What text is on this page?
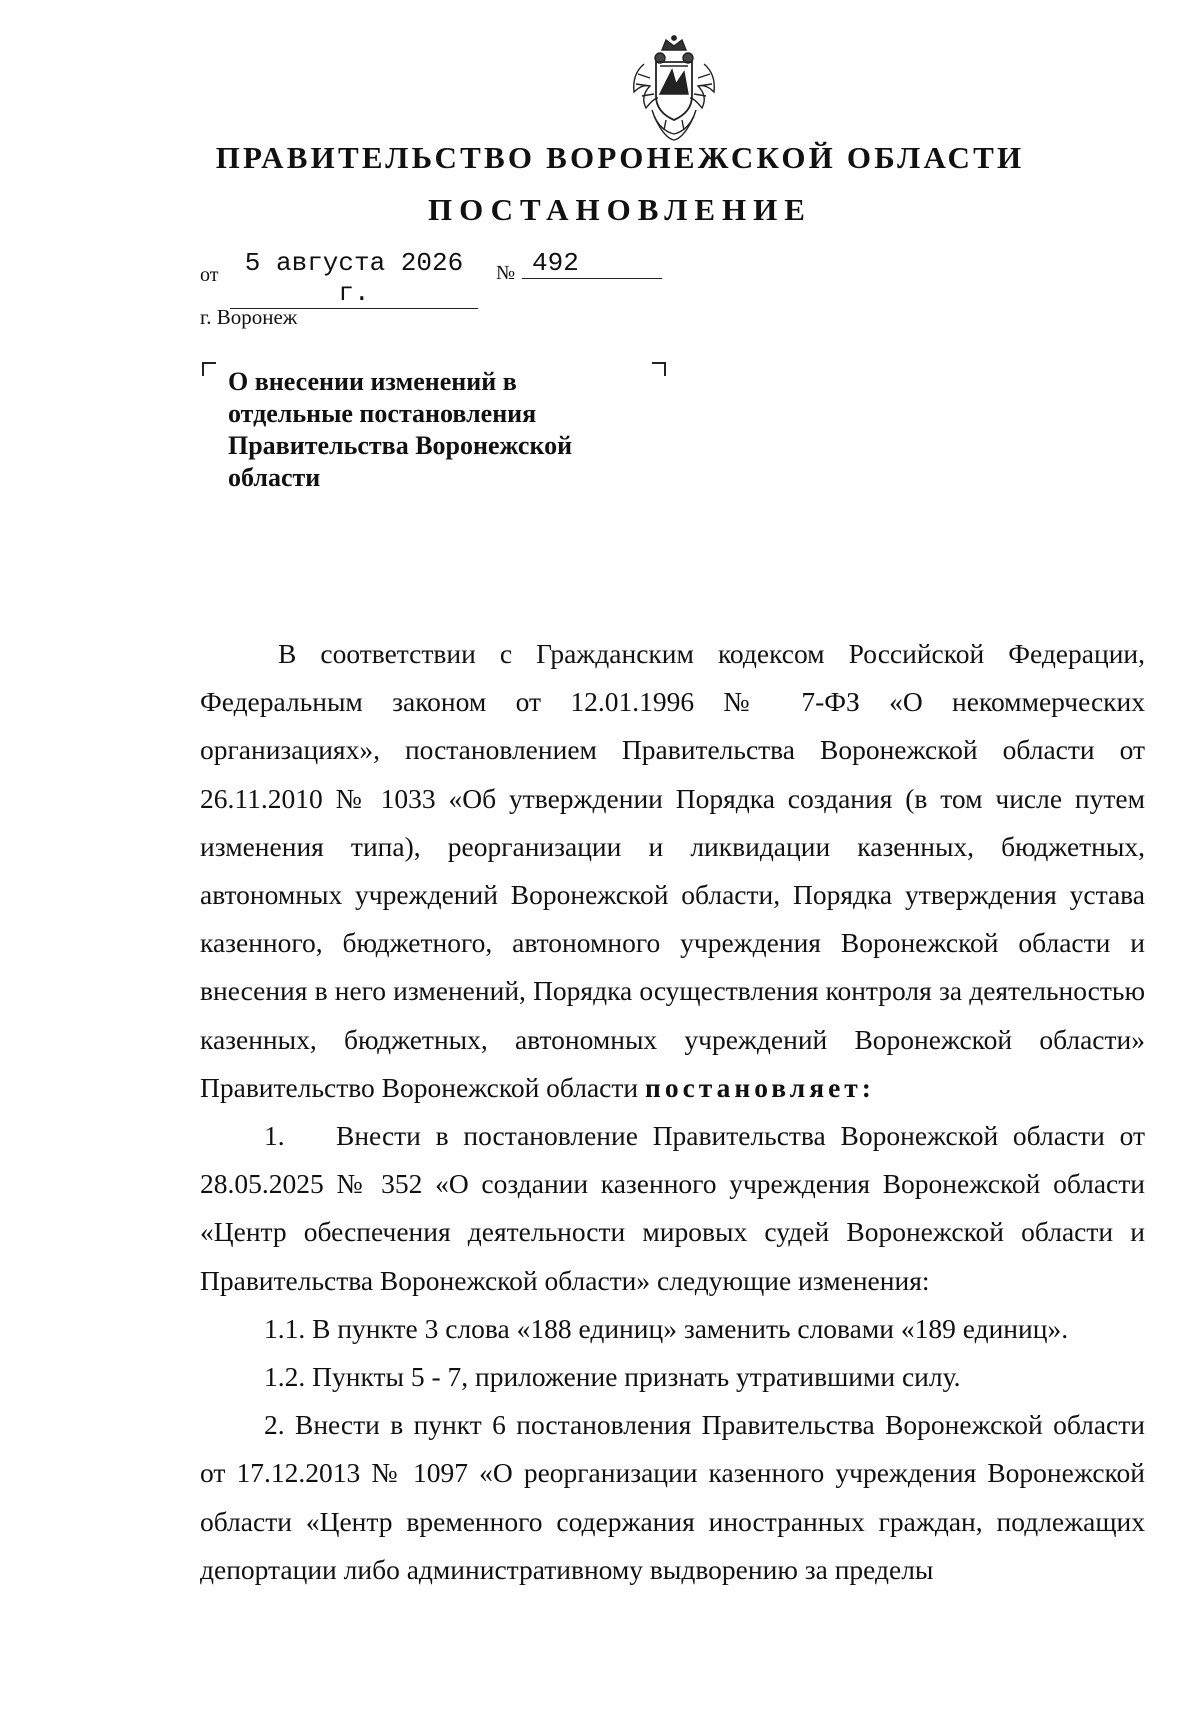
ПРАВИТЕЛЬСТВО ВОРОНЕЖСКОЙ ОБЛАСТИ
ПОСТАНОВЛЕНИЕ
от	5 августа 2026 г.
№ 492
г. Воронеж
О внесении изменений в отдельные постановления Правительства Воронежской области

В соответствии с Гражданским кодексом Российской Федерации, Федеральным законом от 12.01.1996 № 7-ФЗ «О некоммерческих организациях», постановлением Правительства Воронежской области от 26.11.2010 № 1033 «Об утверждении Порядка создания (в том числе путем изменения типа), реорганизации и ликвидации казенных, бюджетных, автономных учреждений Воронежской области, Порядка утверждения устава казенного, бюджетного, автономного учреждения Воронежской области и внесения в него изменений, Порядка осуществления контроля за деятельностью казенных, бюджетных, автономных учреждений Воронежской области» Правительство Воронежской области постановляет:

1. Внести в постановление Правительства Воронежской области от 28.05.2025 № 352 «О создании казенного учреждения Воронежской области «Центр обеспечения деятельности мировых судей Воронежской области и Правительства Воронежской области» следующие изменения:

1.1. В пункте 3 слова «188 единиц» заменить словами «189 единиц».

1.2. Пункты 5 - 7, приложение признать утратившими силу.

2. Внести в пункт 6 постановления Правительства Воронежской области от 17.12.2013 № 1097 «О реорганизации казенного учреждения Воронежской области «Центр временного содержания иностранных граждан, подлежащих депортации либо административному выдворению за пределы
